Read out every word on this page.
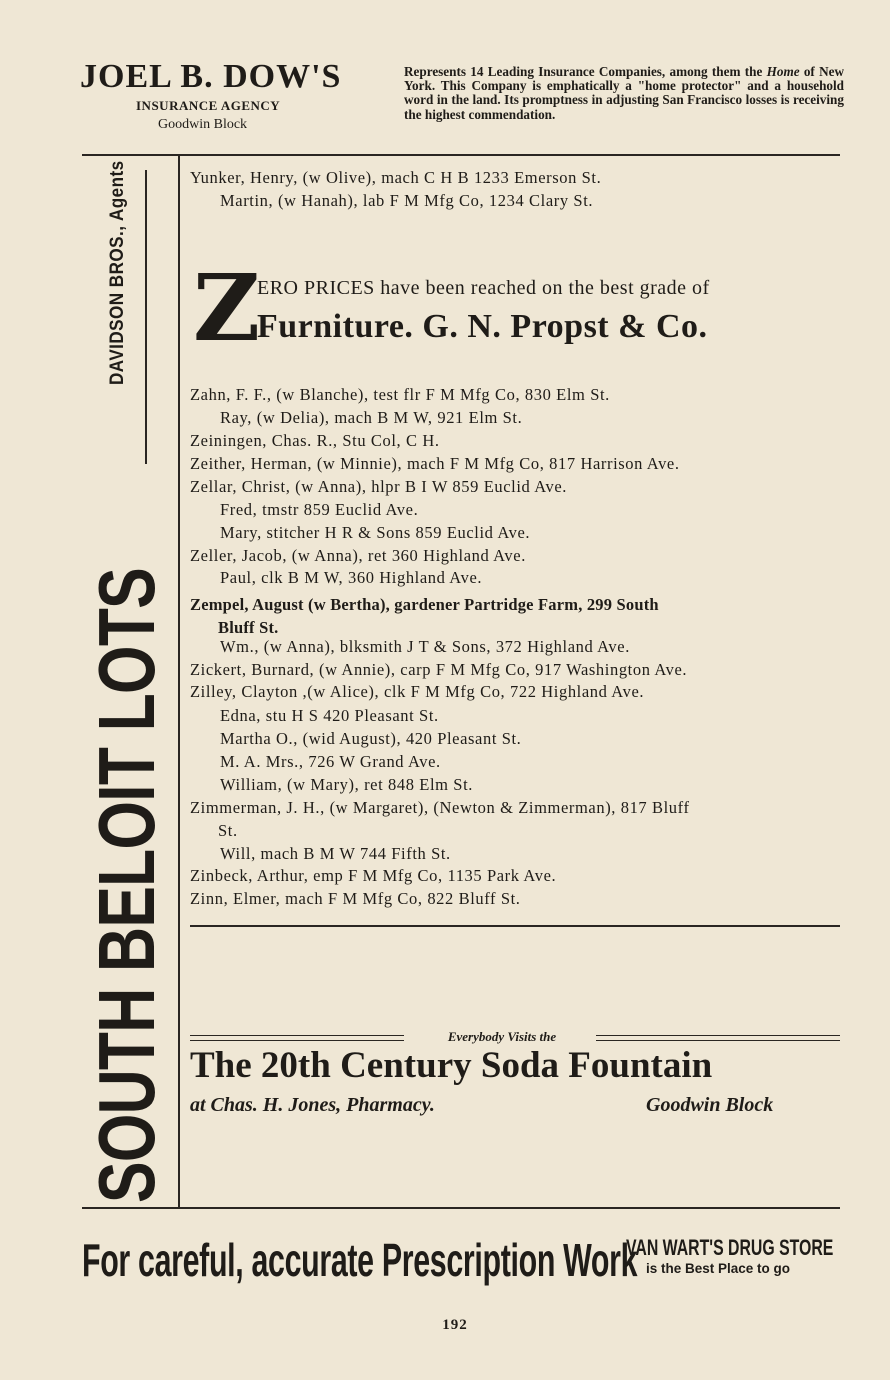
JOEL B. DOW'S
INSURANCE AGENCY
Goodwin Block
Represents 14 Leading Insurance Companies, among them the Home of New York. This Company is emphatically a "home protector" and a household word in the land. Its promptness in adjusting San Francisco losses is receiving the highest commendation.
DAVIDSON BROS., Agents
SOUTH BELOIT LOTS
Yunker, Henry, (w Olive), mach C H B 1233 Emerson St.
Martin, (w Hanah), lab F M Mfg Co, 1234 Clary St.
Z
ERO PRICES have been reached on the best grade of
Furniture. G. N. Propst & Co.
Zahn, F. F., (w Blanche), test flr F M Mfg Co, 830 Elm St.
Ray, (w Delia), mach B M W, 921 Elm St.
Zeiningen, Chas. R., Stu Col, C H.
Zeither, Herman, (w Minnie), mach F M Mfg Co, 817 Harrison Ave.
Zellar, Christ, (w Anna), hlpr B I W 859 Euclid Ave.
Fred, tmstr 859 Euclid Ave.
Mary, stitcher H R & Sons 859 Euclid Ave.
Zeller, Jacob, (w Anna), ret 360 Highland Ave.
Paul, clk B M W, 360 Highland Ave.
Zempel, August (w Bertha), gardener Partridge Farm, 299 South
Bluff St.
Wm., (w Anna), blksmith J T & Sons, 372 Highland Ave.
Zickert, Burnard, (w Annie), carp F M Mfg Co, 917 Washington Ave.
Zilley, Clayton ,(w Alice), clk F M Mfg Co, 722 Highland Ave.
Edna, stu H S 420 Pleasant St.
Martha O., (wid August), 420 Pleasant St.
M. A. Mrs., 726 W Grand Ave.
William, (w Mary), ret 848 Elm St.
Zimmerman, J. H., (w Margaret), (Newton & Zimmerman), 817 Bluff
St.
Will, mach B M W 744 Fifth St.
Zinbeck, Arthur, emp F M Mfg Co, 1135 Park Ave.
Zinn, Elmer, mach F M Mfg Co, 822 Bluff St.
Everybody Visits the
The 20th Century Soda Fountain
at Chas. H. Jones, Pharmacy.	Goodwin Block
For careful, accurate Prescription Work
VAN WART'S DRUG STORE
is the Best Place to go
192
